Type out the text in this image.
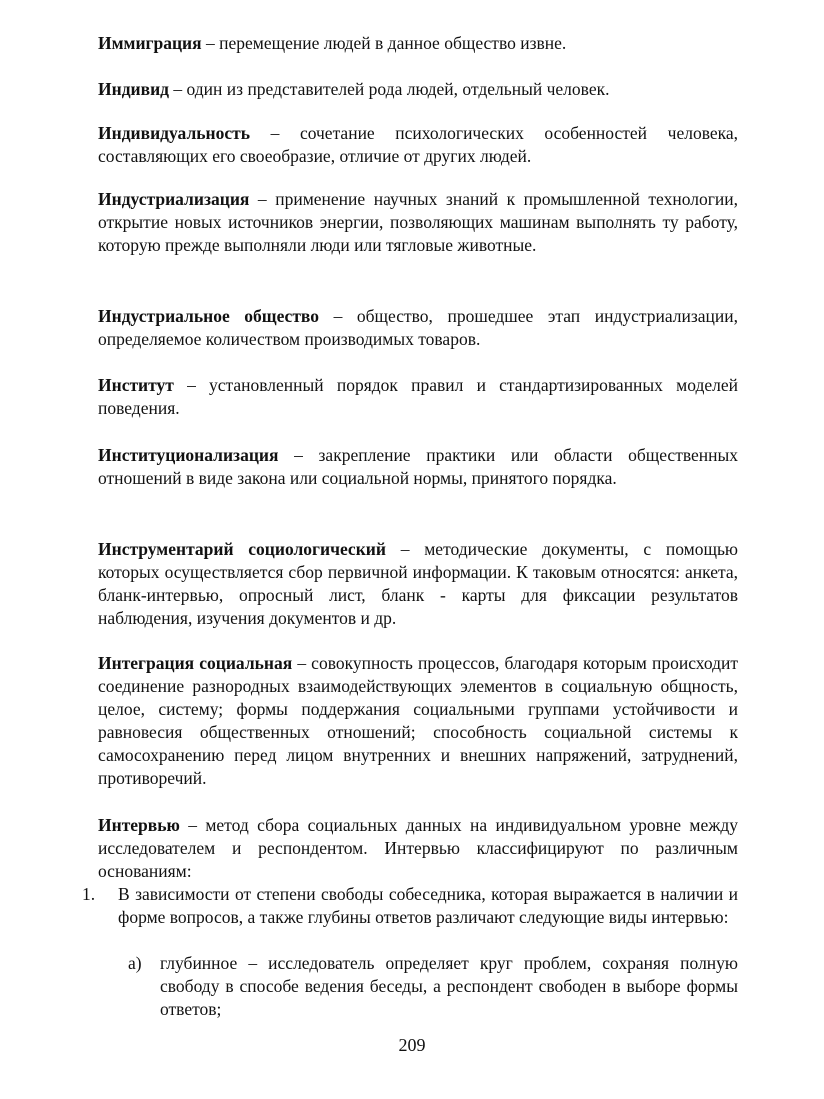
Иммиграция – перемещение людей в данное общество извне.
Индивид – один из представителей рода людей, отдельный человек.
Индивидуальность – сочетание психологических особенностей человека, составляющих его своеобразие, отличие от других людей.
Индустриализация – применение научных знаний к промышленной технологии, открытие новых источников энергии, позволяющих машинам выполнять ту работу, которую прежде выполняли люди или тягловые животные.
Индустриальное общество – общество, прошедшее этап индустриализации, определяемое количеством производимых товаров.
Институт – установленный порядок правил и стандартизированных моделей поведения.
Институционализация – закрепление практики или области общественных отношений в виде закона или социальной нормы, принятого порядка.
Инструментарий социологический – методические документы, с помощью которых осуществляется сбор первичной информации. К таковым относятся: анкета, бланк-интервью, опросный лист, бланк - карты для фиксации результатов наблюдения, изучения документов и др.
Интеграция социальная – совокупность процессов, благодаря которым происходит соединение разнородных взаимодействующих элементов в социальную общность, целое, систему; формы поддержания социальными группами устойчивости и равновесия общественных отношений; способность социальной системы к самосохранению перед лицом внутренних и внешних напряжений, затруднений, противоречий.
Интервью – метод сбора социальных данных на индивидуальном уровне между исследователем и респондентом. Интервью классифицируют по различным основаниям:
1. В зависимости от степени свободы собеседника, которая выражается в наличии и форме вопросов, а также глубины ответов различают следующие виды интервью:
а) глубинное – исследователь определяет круг проблем, сохраняя полную свободу в способе ведения беседы, а респондент свободен в выборе формы ответов;
209
